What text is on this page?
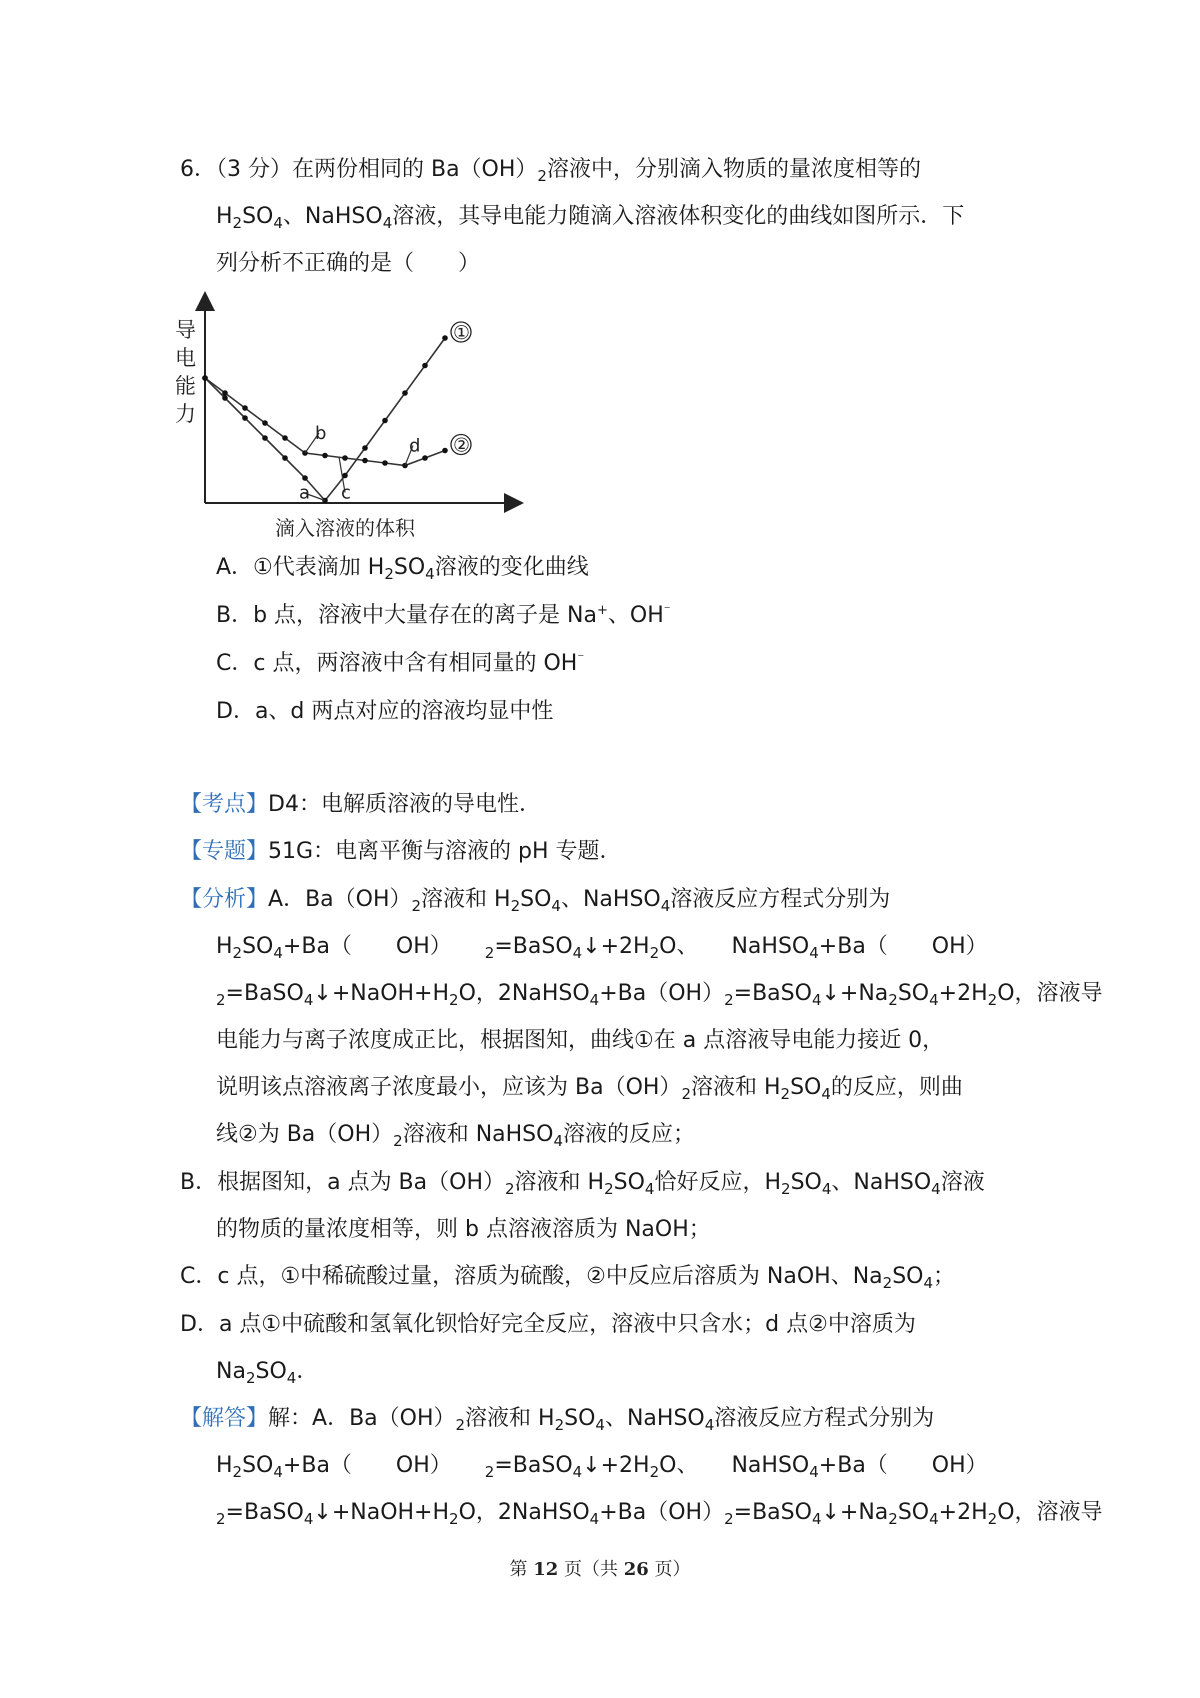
6．（3 分）在两份相同的 $Ba(OH)_2$溶液中，分别滴入物质的量浓度相等的
$H_2SO_4$、NaHSO$_4$溶液，其导电能力随滴入溶液体积变化的曲线如图所示．下
列分析不正确的是（　　）
导
电
能
力
滴入溶液的体积
①
②
a
b
c
d
A．①代表滴加 $H_2SO_4$溶液的变化曲线
B．b 点，溶液中大量存在的离子是 Na+、OH⁻
C．c 点，两溶液中含有相同量的 OH⁻
D．a、d 两点对应的溶液均显中性
【考点】D4：电解质溶液的导电性．
【专题】51G：电离平衡与溶液的 pH 专题．
【分析】A．$Ba(OH)_2$溶液和 $H_2SO_4$、NaHSO$_4$溶液反应方程式分别为
$H_2SO_4+Ba$（　　OH）　　$_2=BaSO_4↓+2H_2O$、　　NaHSO$_4$+Ba（　　OH）
$_2=BaSO_4↓+NaOH+H_2O$，$2NaHSO_4+Ba(OH)_2=BaSO_4↓+Na_2SO_4+2H_2O$，溶液导
电能力与离子浓度成正比，根据图知，曲线①在 a 点溶液导电能力接近 0，
说明该点溶液离子浓度最小，应该为 $Ba(OH)_2$溶液和 $H_2SO_4$的反应，则曲
线②为 $Ba(OH)_2$溶液和 NaHSO$_4$溶液的反应；
B．根据图知，a 点为 $Ba(OH)_2$溶液和 $H_2SO_4$恰好反应，$H_2SO_4$、NaHSO$_4$溶液
的物质的量浓度相等，则 b 点溶液溶质为 NaOH；
C．c 点，①中稀硫酸过量，溶质为硫酸，②中反应后溶质为 NaOH、$Na_2SO_4$；
D．a 点①中硫酸和氢氧化钡恰好完全反应，溶液中只含水；d 点②中溶质为
$Na_2SO_4$．
【解答】解：A．$Ba(OH)_2$溶液和 $H_2SO_4$、NaHSO$_4$溶液反应方程式分别为
$H_2SO_4+Ba$（　　OH）　　$_2=BaSO_4↓+2H_2O$、　　NaHSO$_4$+Ba（　　OH）
$_2=BaSO_4↓+NaOH+H_2O$，$2NaHSO_4+Ba(OH)_2=BaSO_4↓+Na_2SO_4+2H_2O$，溶液导
第 12 页（共 26 页）
